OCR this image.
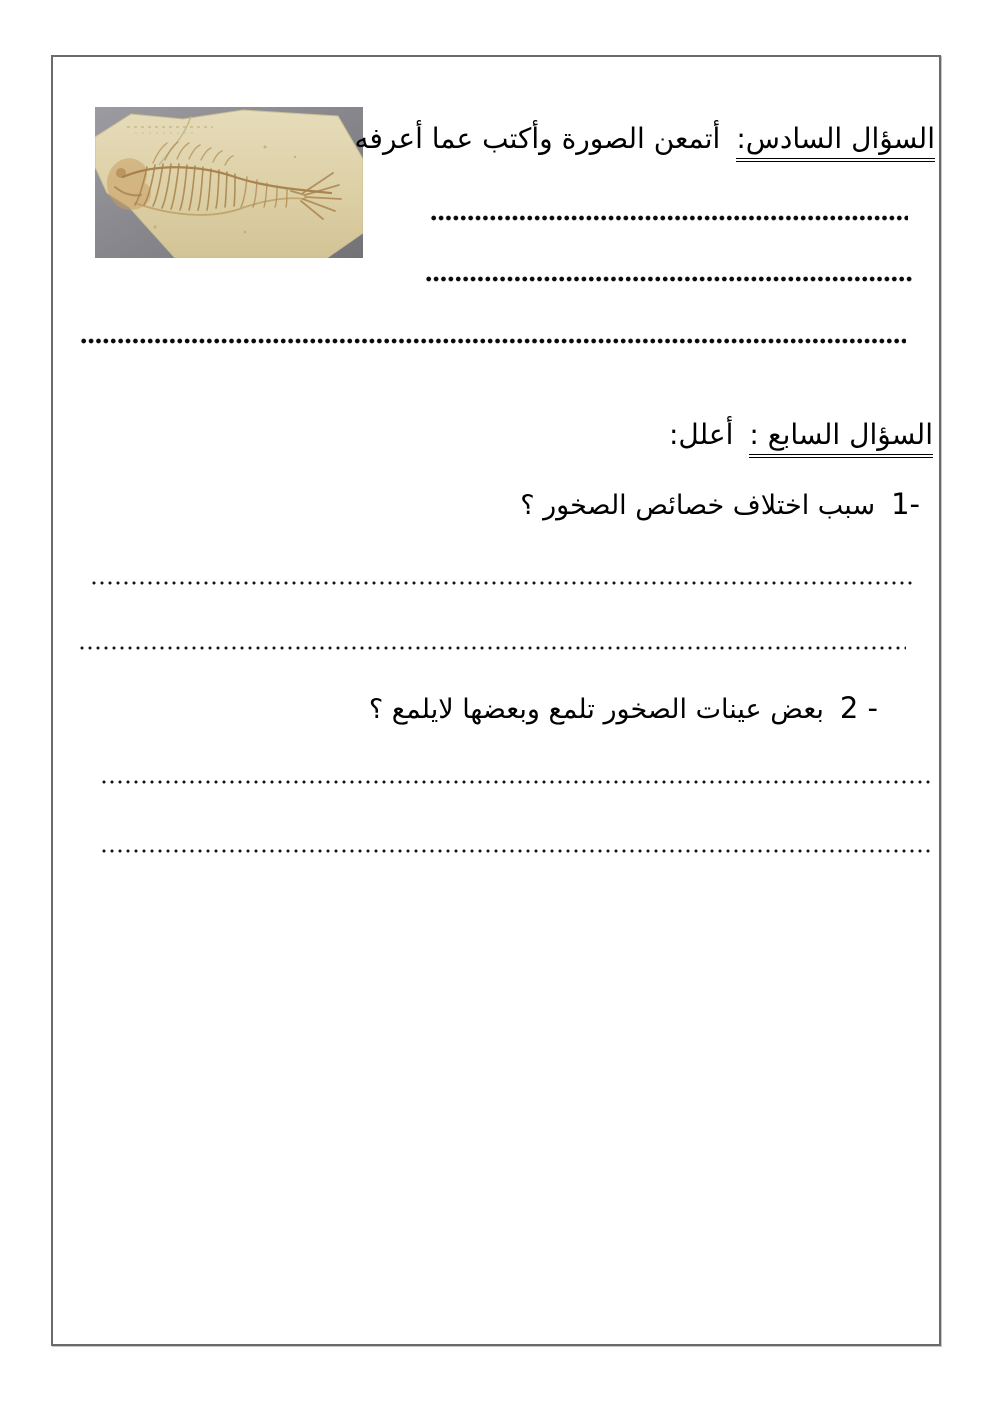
السؤال السادس:أتمعن الصورة وأكتب عما أعرفه
السؤال السابع :أعلل:
1-سبب اختلاف خصائص الصخور ؟
2 -بعض عينات الصخور تلمع وبعضها لايلمع ؟
